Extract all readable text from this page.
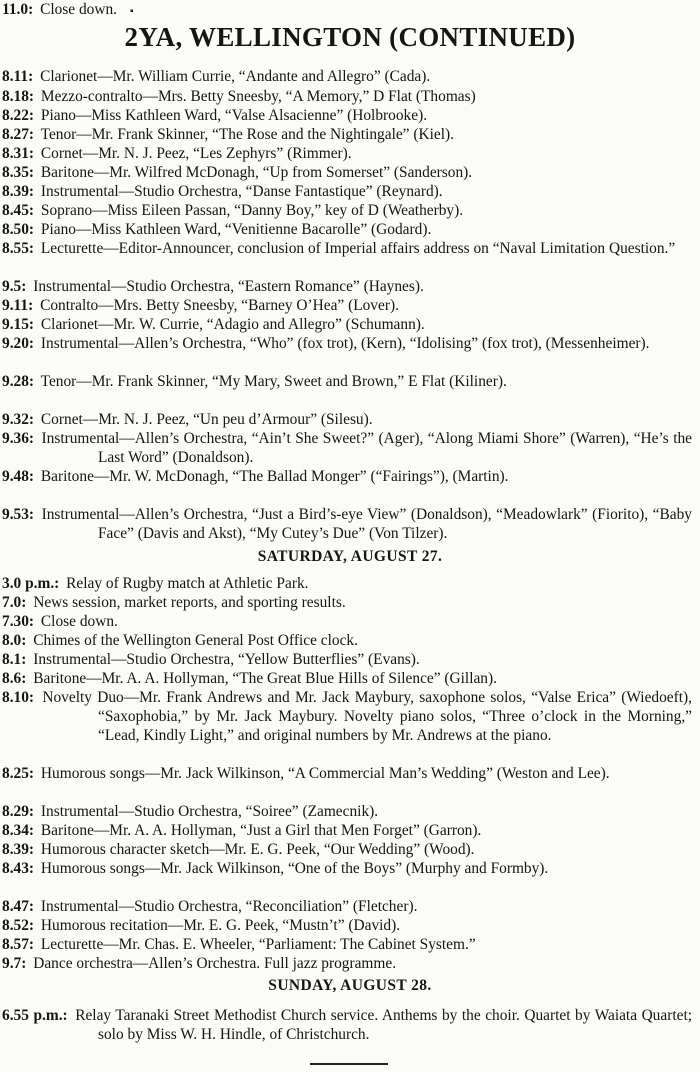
2YA, WELLINGTON (CONTINUED)
▪
8.11: Clarionet—Mr. William Currie, “Andante and Allegro” (Cada).
8.18: Mezzo-contralto—Mrs. Betty Sneesby, “A Memory,” D Flat (Thomas)
8.22: Piano—Miss Kathleen Ward, “Valse Alsacienne” (Holbrooke).
8.27: Tenor—Mr. Frank Skinner, “The Rose and the Nightingale” (Kiel).
8.31: Cornet—Mr. N. J. Peez, “Les Zephyrs” (Rimmer).
8.35: Baritone—Mr. Wilfred McDonagh, “Up from Somerset” (Sanderson).
8.39: Instrumental—Studio Orchestra, “Danse Fantastique” (Reynard).
8.45: Soprano—Miss Eileen Passan, “Danny Boy,” key of D (Weatherby).
8.50: Piano—Miss Kathleen Ward, “Venitienne Bacarolle” (Godard).
8.55: Lecturette—Editor-Announcer, conclusion of Imperial affairs address on “Naval Limitation Question.”
9.5: Instrumental—Studio Orchestra, “Eastern Romance” (Haynes).
9.11: Contralto—Mrs. Betty Sneesby, “Barney O’Hea” (Lover).
9.15: Clarionet—Mr. W. Currie, “Adagio and Allegro” (Schumann).
9.20: Instrumental—Allen’s Orchestra, “Who” (fox trot), (Kern), “Idolising” (fox trot), (Messenheimer).
9.28: Tenor—Mr. Frank Skinner, “My Mary, Sweet and Brown,” E Flat (Kiliner).
9.32: Cornet—Mr. N. J. Peez, “Un peu d’Armour” (Silesu).
9.36: Instrumental—Allen’s Orchestra, “Ain’t She Sweet?” (Ager), “Along Miami Shore” (Warren), “He’s the Last Word” (Donaldson).
9.48: Baritone—Mr. W. McDonagh, “The Ballad Monger” (“Fairings”), (Martin).
9.53: Instrumental—Allen’s Orchestra, “Just a Bird’s-eye View” (Donaldson), “Meadowlark” (Fiorito), “Baby Face” (Davis and Akst), “My Cutey’s Due” (Von Tilzer).
SATURDAY, AUGUST 27.
3.0 p.m.: Relay of Rugby match at Athletic Park.
7.0: News session, market reports, and sporting results.
7.30: Close down.
8.0: Chimes of the Wellington General Post Office clock.
8.1: Instrumental—Studio Orchestra, “Yellow Butterflies” (Evans).
8.6: Baritone—Mr. A. A. Hollyman, “The Great Blue Hills of Silence” (Gillan).
8.10: Novelty Duo—Mr. Frank Andrews and Mr. Jack Maybury, saxophone solos, “Valse Erica” (Wiedoeft), “Saxophobia,” by Mr. Jack Maybury. Novelty piano solos, “Three o’clock in the Morning,” “Lead, Kindly Light,” and original numbers by Mr. Andrews at the piano.
8.25: Humorous songs—Mr. Jack Wilkinson, “A Commercial Man’s Wedding” (Weston and Lee).
8.29: Instrumental—Studio Orchestra, “Soiree” (Zamecnik).
8.34: Baritone—Mr. A. A. Hollyman, “Just a Girl that Men Forget” (Garron).
8.39: Humorous character sketch—Mr. E. G. Peek, “Our Wedding” (Wood).
8.43: Humorous songs—Mr. Jack Wilkinson, “One of the Boys” (Murphy and Formby).
8.47: Instrumental—Studio Orchestra, “Reconciliation” (Fletcher).
8.52: Humorous recitation—Mr. E. G. Peek, “Mustn’t” (David).
8.57: Lecturette—Mr. Chas. E. Wheeler, “Parliament: The Cabinet System.”
9.7: Dance orchestra—Allen’s Orchestra. Full jazz programme.
11.0: Close down.
SUNDAY, AUGUST 28.
6.55 p.m.: Relay Taranaki Street Methodist Church service. Anthems by the choir. Quartet by Waiata Quartet; solo by Miss W. H. Hindle, of Christchurch.
